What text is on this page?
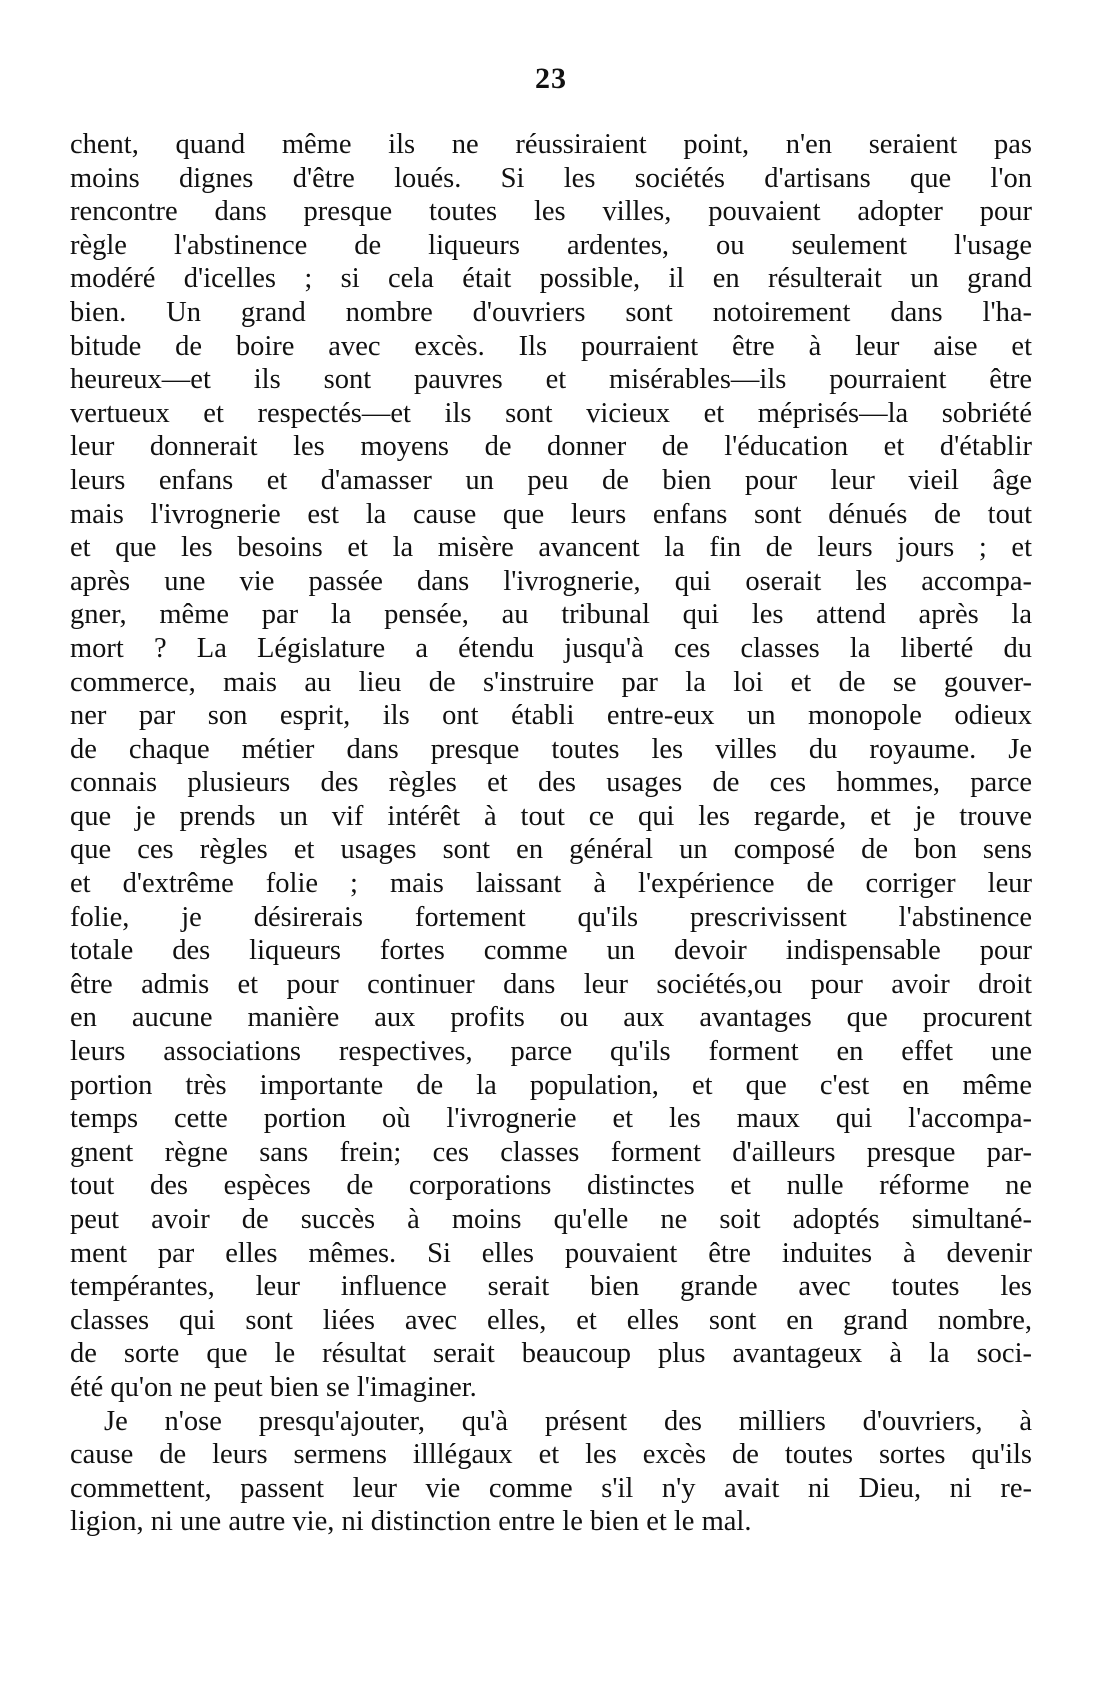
23
chent, quand même ils ne réussiraient point, n'en seraient pas
moins dignes d'être loués. Si les sociétés d'artisans que l'on
rencontre dans presque toutes les villes, pouvaient adopter pour
règle l'abstinence de liqueurs ardentes, ou seulement l'usage
modéré d'icelles ; si cela était possible, il en résulterait un grand
bien. Un grand nombre d'ouvriers sont notoirement dans l'ha-
bitude de boire avec excès. Ils pourraient être à leur aise et
heureux—et ils sont pauvres et misérables—ils pourraient être
vertueux et respectés—et ils sont vicieux et méprisés—la sobriété
leur donnerait les moyens de donner de l'éducation et d'établir
leurs enfans et d'amasser un peu de bien pour leur vieil âge
mais l'ivrognerie est la cause que leurs enfans sont dénués de tout
et que les besoins et la misère avancent la fin de leurs jours ; et
après une vie passée dans l'ivrognerie, qui oserait les accompa-
gner, même par la pensée, au tribunal qui les attend après la
mort ? La Législature a étendu jusqu'à ces classes la liberté du
commerce, mais au lieu de s'instruire par la loi et de se gouver-
ner par son esprit, ils ont établi entre-eux un monopole odieux
de chaque métier dans presque toutes les villes du royaume. Je
connais plusieurs des règles et des usages de ces hommes, parce
que je prends un vif intérêt à tout ce qui les regarde, et je trouve
que ces règles et usages sont en général un composé de bon sens
et d'extrême folie ; mais laissant à l'expérience de corriger leur
folie, je désirerais fortement qu'ils prescrivissent l'abstinence
totale des liqueurs fortes comme un devoir indispensable pour
être admis et pour continuer dans leur sociétés,ou pour avoir droit
en aucune manière aux profits ou aux avantages que procurent
leurs associations respectives, parce qu'ils forment en effet une
portion très importante de la population, et que c'est en même
temps cette portion où l'ivrognerie et les maux qui l'accompa-
gnent règne sans frein; ces classes forment d'ailleurs presque par-
tout des espèces de corporations distinctes et nulle réforme ne
peut avoir de succès à moins qu'elle ne soit adoptés simultané-
ment par elles mêmes. Si elles pouvaient être induites à devenir
tempérantes, leur influence serait bien grande avec toutes les
classes qui sont liées avec elles, et elles sont en grand nombre,
de sorte que le résultat serait beaucoup plus avantageux à la soci-
été qu'on ne peut bien se l'imaginer.
Je n'ose presqu'ajouter, qu'à présent des milliers d'ouvriers, à
cause de leurs sermens illlégaux et les excès de toutes sortes qu'ils
commettent, passent leur vie comme s'il n'y avait ni Dieu, ni re-
ligion, ni une autre vie, ni distinction entre le bien et le mal.
